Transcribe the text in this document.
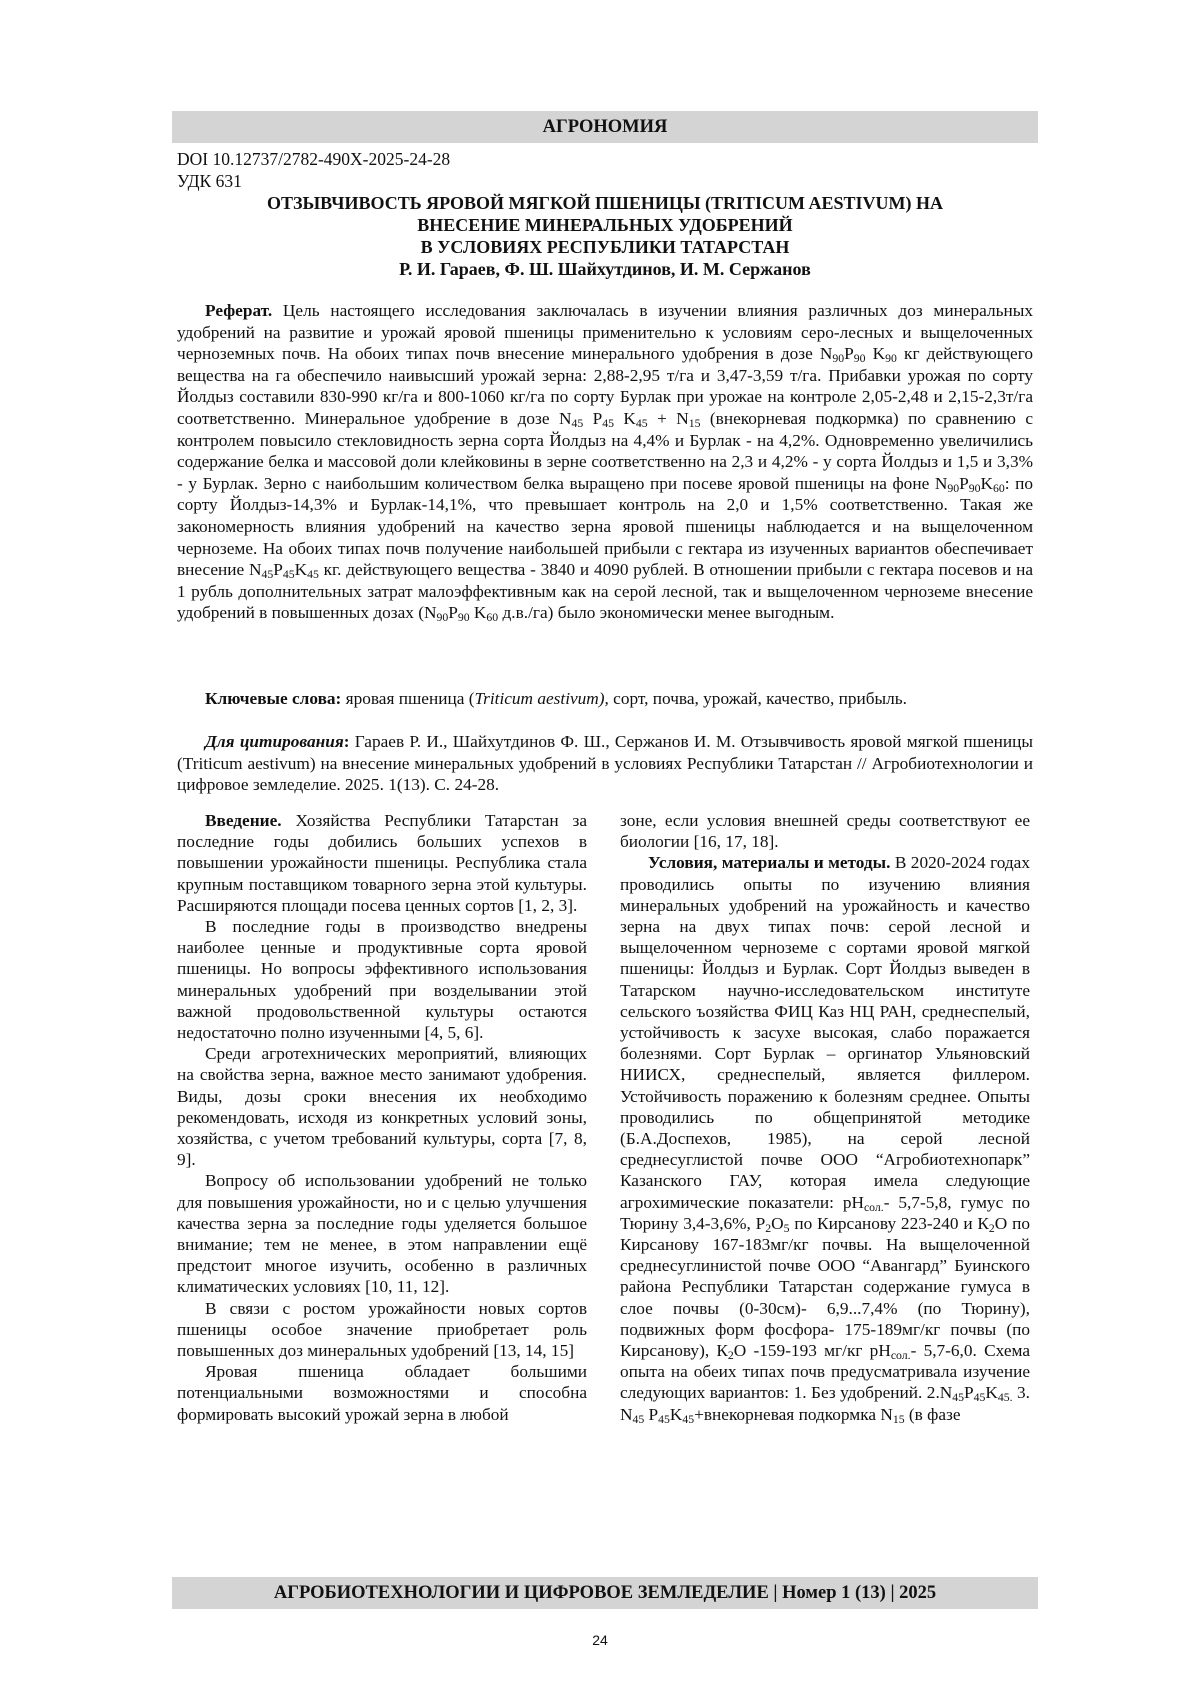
АГРОНОМИЯ
DOI 10.12737/2782-490X-2025-24-28
УДК 631
ОТЗЫВЧИВОСТЬ ЯРОВОЙ МЯГКОЙ ПШЕНИЦЫ (TRITICUM AESTIVUM) НА
ВНЕСЕНИЕ МИНЕРАЛЬНЫХ УДОБРЕНИЙ
В УСЛОВИЯХ РЕСПУБЛИКИ ТАТАРСТАН
Р. И. Гараев, Ф. Ш. Шайхутдинов, И. М. Сержанов

Реферат. Цель настоящего исследования заключалась в изучении влияния различных доз минеральных удобрений на развитие и урожай яровой пшеницы применительно к условиям серо-лесных и выщелоченных черноземных почв. На обоих типах почв внесение минерального удобрения в дозе $N_{90}P_{90}$ $K_{90}$ кг действующего вещества на га обеспечило наивысший урожай зерна: 2,88-2,95 т/га и 3,47-3,59 т/га. Прибавки урожая по сорту Йолдыз составили 830-990 кг/га и 800-1060 кг/га по сорту Бурлак при урожае на контроле 2,05-2,48 и 2,15-2,3т/га соответственно. Минеральное удобрение в дозе $N_{45}$ $P_{45}$ $K_{45} + N_{15}$ (внекорневая подкормка) по сравнению с контролем повысило стекловидность зерна сорта Йолдыз на 4,4% и Бурлак - на 4,2%. Одновременно увеличились содержание белка и массовой доли клейковины в зерне соответственно на 2,3 и 4,2% - у сорта Йолдыз и 1,5 и 3,3% - у Бурлак. Зерно с наибольшим количеством белка выращено при посеве яровой пшеницы на фоне $N_{90}P_{90}K_{60}$: по сорту Йолдыз-14,3% и Бурлак-14,1%, что превышает контроль на 2,0 и 1,5% соответственно. Такая же закономерность влияния удобрений на качество зерна яровой пшеницы наблюдается и на выщелоченном черноземе. На обоих типах почв получение наибольшей прибыли с гектара из изученных вариантов обеспечивает внесение $N_{45}P_{45}K_{45}$ кг. действующего вещества - 3840 и 4090 рублей. В отношении прибыли с гектара посевов и на 1 рубль дополнительных затрат малоэффективным как на серой лесной, так и выщелоченном черноземе внесение удобрений в повышенных дозах ($N_{90}P_{90}$ $K_{60}$ д.в./га) было экономически менее выгодным.

Ключевые слова: яровая пшеница (Triticum aestivum), сорт, почва, урожай, качество, прибыль.

Для цитирования: Гараев Р. И., Шайхутдинов Ф. Ш., Сержанов И. М. Отзывчивость яровой мягкой пшеницы (Triticum aestivum) на внесение минеральных удобрений в условиях Республики Татарстан // Агробиотехнологии и цифровое земледелие. 2025. 1(13). С. 24-28.

Введение. Хозяйства Республики Татарстан за последние годы добились больших успехов в повышении урожайности пшеницы. Республика стала крупным поставщиком товарного зерна этой культуры. Расширяются площади посева ценных сортов [1, 2, 3].

В последние годы в производство внедрены наиболее ценные и продуктивные сорта яровой пшеницы. Но вопросы эффективного использования минеральных удобрений при возделывании этой важной продовольственной культуры остаются недостаточно полно изученными [4, 5, 6].

Среди агротехнических мероприятий, влияющих на свойства зерна, важное место занимают удобрения. Виды, дозы сроки внесения их необходимо рекомендовать, исходя из конкретных условий зоны, хозяйства, с учетом требований культуры, сорта [7, 8, 9].

Вопросу об использовании удобрений не только для повышения урожайности, но и с целью улучшения качества зерна за последние годы уделяется большое внимание; тем не менее, в этом направлении ещё предстоит многое изучить, особенно в различных климатических условиях [10, 11, 12].

В связи с ростом урожайности новых сортов пшеницы особое значение приобретает роль повышенных доз минеральных удобрений [13, 14, 15]

Яровая пшеница обладает большими потенциальными возможностями и способна формировать высокий урожай зерна в любой

зоне, если условия внешней среды соответствуют ее биологии [16, 17, 18].

Условия, материалы и методы. В 2020-2024 годах проводились опыты по изучению влияния минеральных удобрений на урожайность и качество зерна на двух типах почв: серой лесной и выщелоченном черноземе с сортами яровой мягкой пшеницы: Йолдыз и Бурлак. Сорт Йолдыз выведен в Татарском научно-исследовательском институте сельского ъозяйства ФИЦ Каз НЦ РАН, среднеспелый, устойчивость к засухе высокая, слабо поражается болезнями. Сорт Бурлак – оргинатор Ульяновский НИИСХ, среднеспелый, является филлером. Устойчивость поражению к болезням среднее. Опыты проводились по общепринятой методике (Б.А.Доспехов, 1985), на серой лесной среднесуглистой почве ООО “Агробиотехнопарк” Казанского ГАУ, которая имела следующие агрохимические показатели: $рН_{сол.}-$ 5,7-5,8, гумус по Тюрину 3,4-3,6%, $Р_2О_5$ по Кирсанову 223-240 и $К_2О$ по Кирсанову 167-183мг/кг почвы. На выщелоченной среднесуглинистой почве ООО “Авангард” Буинского района Республики Татарстан содержание гумуса в слое почвы (0-30см)- 6,9...7,4% (по Тюрину), подвижных форм фосфора- 175-189мг/кг почвы (по Кирсанову), $К_2О$ -159-193 мг/кг $рН_{сол.}-$ 5,7-6,0. Схема опыта на обеих типах почв предусматривала изучение следующих вариантов: 1. Без удобрений. $2.N_{45}P_{45}K_{45.}$ 3. $N_{45}$ $P_{45}K_{45}+внекорневая$ подкормка $N_{15}$ (в фазе

АГРОБИОТЕХНОЛОГИИ И ЦИФРОВОЕ ЗЕМЛЕДЕЛИЕ | Номер 1 (13) | 2025
24
